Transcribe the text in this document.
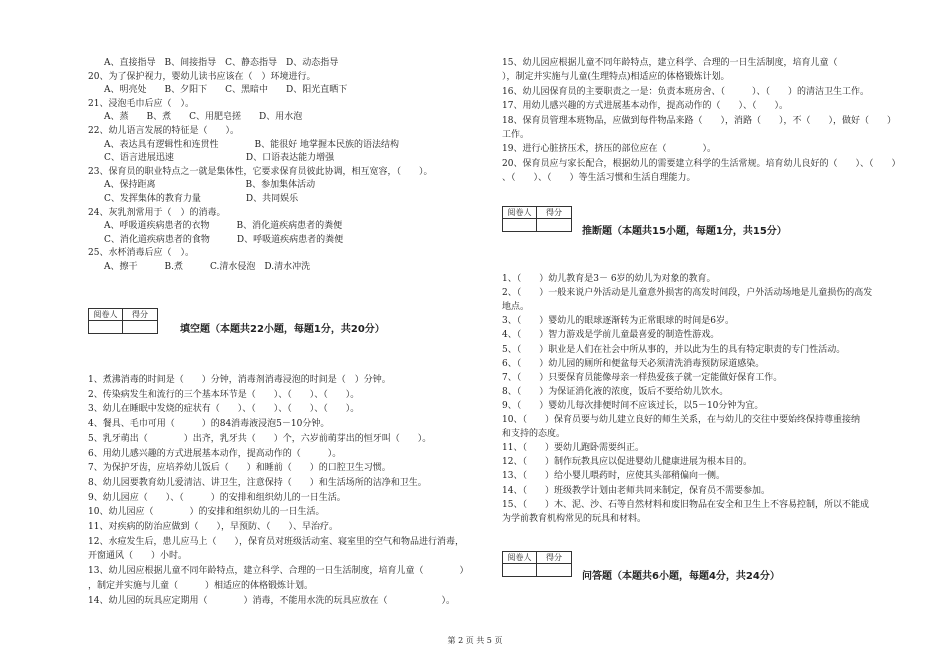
A、直接指导　B、间接指导　C、静态指导　D、动态指导
20、为了保护视力，婴幼儿读书应该在（　）环境进行。
A、明亮处　　B、夕阳下　　C、黑暗中　　D、阳光直晒下
21、浸泡毛巾后应（　）。
A、蒸　　B、煮　　C、用肥皂搓　　D、用水泡
22、幼儿语言发展的特征是（　　）。
A、表达具有逻辑性和连贯性　　　　B、能很好 地掌握本民族的语法结构
C、语言进展迅速　　　　　　　　D、口语表达能力增强
23、保育员的职业特点之一就是集体性，它要求保育员彼此协调，相互宽容，（　　）。
A、保持距离　　　　　　　　　　B、参加集体活动
C、发挥集体的教育力量　　　　　D、共同娱乐
24、灰乳剂常用于（　）的消毒。
A、呼吸道疾病患者的衣物　　　B、消化道疾病患者的粪便
C、消化道疾病患者的食物　　　D、呼吸道疾病患者的粪便
25、水杯消毒后应（　）。
A、擦干　　　B.煮　　　C.清水侵泡　D.清水冲洗
阅卷人	得分
填空题（本题共22小题，每题1分，共20分）
1、煮沸消毒的时间是（　　）分钟，消毒剂消毒浸泡的时间是（　）分钟。
2、传染病发生和流行的三个基本环节是（　　）、（　　）、（　　）。
3、幼儿在睡眠中发烧的症状有（　　）、（　　）、（　　）、（　　）。
4、餐具、毛巾可用（　　　）的84消毒液浸泡5－10分钟。
5、乳牙萌出（　　　　）出齐，乳牙共（　　）个，六岁前萌芽出的恒牙叫（　　）。
6、用幼儿感兴趣的方式进展基本动作，提高动作的（　　　）。
7、为保护牙齿，应培养幼儿饭后（　　）和睡前（　　）的口腔卫生习惯。
8、幼儿园要教育幼儿爱清洁、讲卫生，注意保持（　　）和生活场所的洁净和卫生。
9、幼儿园应（　　）、（　　　）的安排和组织幼儿的一日生活。
10、幼儿园应（　　　　）的安排和组织幼儿的一日生活。
11、对疾病的防治应做到（　　），早预防、（　　）、早治疗。
12、水痘发生后，患儿应马上（　　），保育员对班级活动室、寝室里的空气和物品进行消毒，
开窗通风（　　）小时。
13、幼儿园应根据儿童不同年龄特点，建立科学、合理的一日生活制度，培育儿童（　　　　）
，制定并实施与儿童（　　　）相适应的体格锻炼计划。
14、幼儿园的玩具应定期用（　　　　）消毒，不能用水洗的玩具应放在（　　　　　　）。
15、幼儿园应根据儿童不同年龄特点，建立科学、合理的一日生活制度，培育儿童（　　　　　　
），制定并实施与儿童(生理特点)相适应的体格锻炼计划。
16、幼儿园保育员的主要职责之一是：负责本班房舍、（　　　）、（　　）的清洁卫生工作。
17、用幼儿感兴趣的方式进展基本动作，提高动作的（　　）、（　　）。
18、保育员管理本班物品，应做到每件物品来路（　　），消路（　　），不（　　），做好（　　）
工作。
19、进行心脏挤压术，挤压的部位应在（　　　　）。
20、保育员应与家长配合，根据幼儿的需要建立科学的生活常规。培育幼儿良好的（　　）、（　　）
、（　　）、（　　）等生活习惯和生活自理能力。
阅卷人	得分
推断题（本题共15小题，每题1分，共15分）
1、（　　）幼儿教育是3－ 6岁的幼儿为对象的教育。
2、（　　）一般来说户外活动是儿童意外损害的高发时间段，户外活动场地是儿童损伤的高发
地点。
3、（　　）婴幼儿的眼球逐渐转为正常眼球的时间是6岁。
4、（　　）智力游戏是学前儿童最喜爱的制造性游戏。
5、（　　）职业是人们在社会中所从事的，并以此为生的具有特定职责的专门性活动。
6、（　　）幼儿园的厕所和便盆每天必须清洗消毒预防尿道感染。
7、（　　）只要保育员能像母亲一样热爱孩子就一定能做好保育工作。
8、（　　）为保证消化液的浓度，饭后不要给幼儿饮水。
9、（　　）婴幼儿每次排便时间不应该过长，以5－10分钟为宜。
10、（　　）保育员要与幼儿建立良好的师生关系，在与幼儿的交往中要始终保持尊重接纳
和支持的态度。
11、（　　）要幼儿跑卧需要纠正。
12、（　　）制作玩教具应以促进婴幼儿健康进展为根本目的。
13、（　　）给小婴儿喂药时，应使其头部稍偏向一侧。
14、（　　）班级教学计划由老师共同来制定，保育员不需要参加。
15、（　　）木、泥、沙、石等自然材料和废旧物品在安全和卫生上不容易控制，所以不能成
为学前教育机构常见的玩具和材料。
阅卷人	得分
问答题（本题共6小题，每题4分，共24分）
第 2 页 共 5 页
